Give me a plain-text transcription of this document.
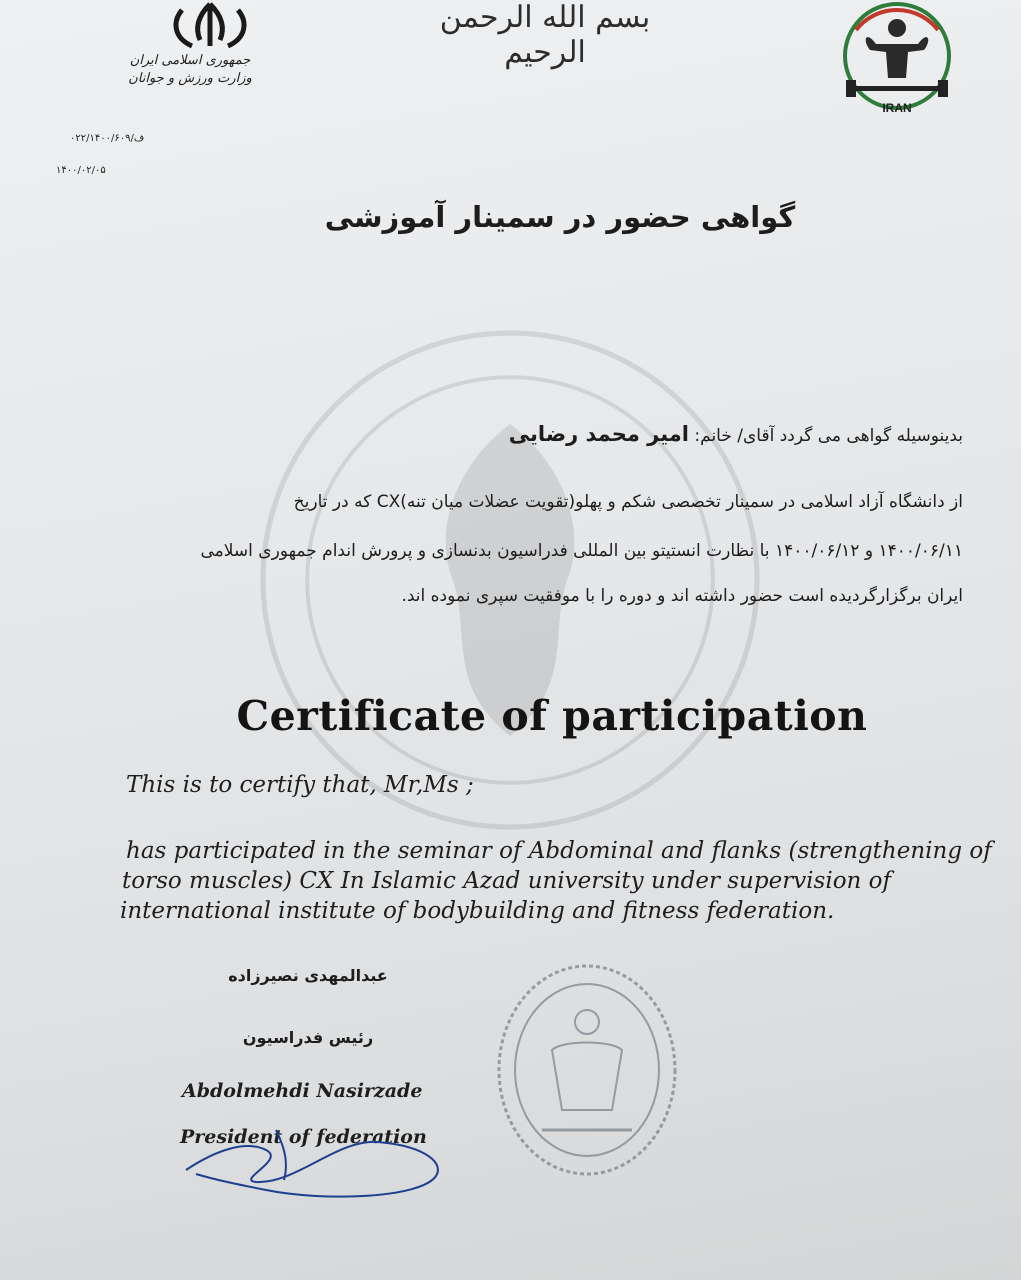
جمهوری اسلامی ایران
وزارت ورزش و جوانان
بسم الله الرحمن الرحیم
IRAN
۰۲۲/۱۴۰۰/ف/۶۰۹
۱۴۰۰/۰۲/۰۵
گواهی حضور در سمینار آموزشی
بدینوسیله گواهی می گردد آقای/ خانم: امیر محمد رضایی
از دانشگاه آزاد اسلامی در سمینار تخصصی شکم و پهلو(تقویت عضلات میان تنه)CX که در تاریخ
۱۴۰۰/۰۶/۱۱ و ۱۴۰۰/۰۶/۱۲ با نظارت انستیتو بین المللی فدراسیون بدنسازی و پرورش اندام جمهوری اسلامی
ایران برگزارگردیده است حضور داشته اند و دوره را با موفقیت سپری نموده اند.
Certificate of participation
This is to certify that, Mr,Ms ;
has participated in the seminar of Abdominal and flanks (strengthening of
torso muscles) CX In Islamic Azad university under supervision of
international institute of bodybuilding and fitness federation.
عبدالمهدی نصیرزاده
رئیس فدراسیون
Abdolmehdi Nasirzade
President of federation
